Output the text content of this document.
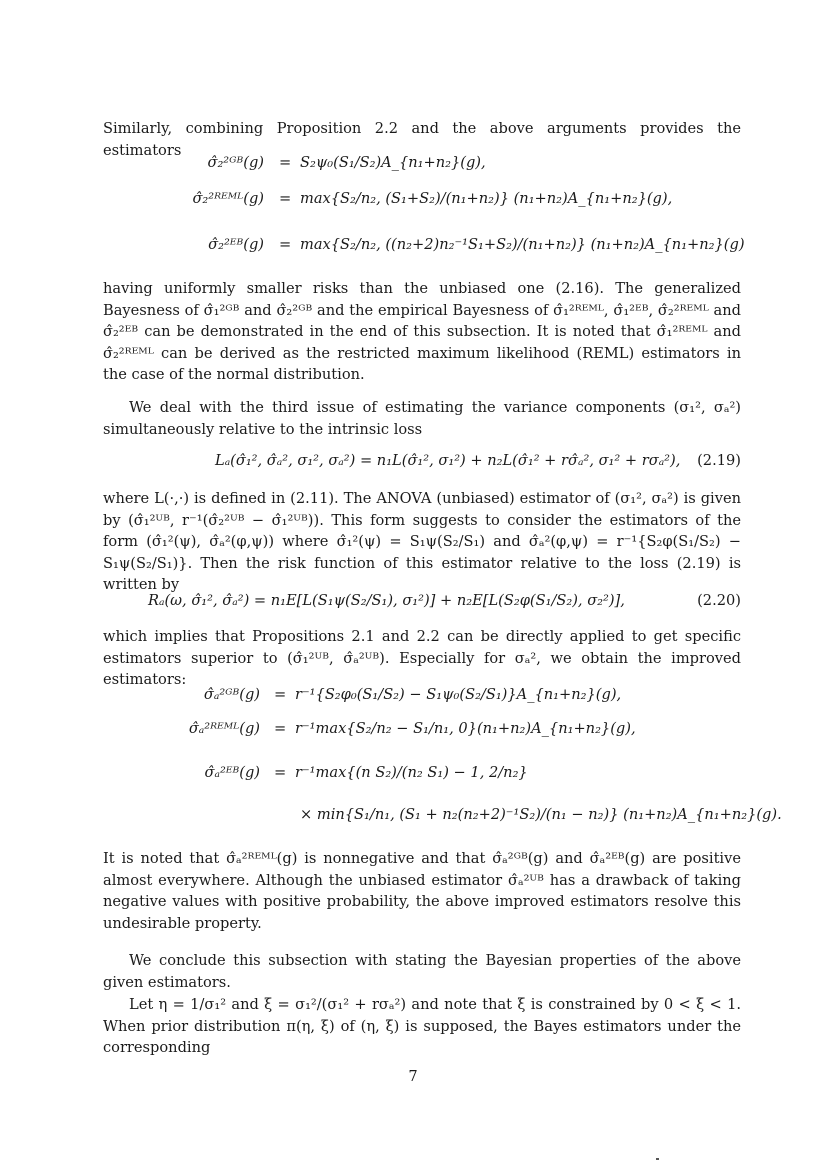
Similarly, combining Proposition 2.2 and the above arguments provides the estimators
σ̂₂²ᴳᴮ(g) = S₂ψ₀(S₁/S₂)A_{n₁+n₂}(g),
σ̂₂²ᴿᴱᴹᴸ(g) = max{S₂/n₂, (S₁+S₂)/(n₁+n₂)} (n₁+n₂)A_{n₁+n₂}(g),
σ̂₂²ᴱᴮ(g) = max{S₂/n₂, ((n₂+2)n₂⁻¹S₁+S₂)/(n₁+n₂)} (n₁+n₂)A_{n₁+n₂}(g)
having uniformly smaller risks than the unbiased one (2.16). The generalized Bayesness of σ̂₁²ᴳᴮ and σ̂₂²ᴳᴮ and the empirical Bayesness of σ̂₁²ᴿᴱᴹᴸ, σ̂₁²ᴱᴮ, σ̂₂²ᴿᴱᴹᴸ and σ̂₂²ᴱᴮ can be demonstrated in the end of this subsection. It is noted that σ̂₁²ᴿᴱᴹᴸ and σ̂₂²ᴿᴱᴹᴸ can be derived as the restricted maximum likelihood (REML) estimators in the case of the normal distribution.
We deal with the third issue of estimating the variance components (σ₁², σₐ²) simultaneously relative to the intrinsic loss
Lₐ(σ̂₁², σ̂ₐ², σ₁², σₐ²) = n₁L(σ̂₁², σ₁²) + n₂L(σ̂₁² + rσ̂ₐ², σ₁² + rσₐ²), (2.19)
where L(·,·) is defined in (2.11). The ANOVA (unbiased) estimator of (σ₁², σₐ²) is given by (σ̂₁²ᵁᴮ, r⁻¹(σ̂₂²ᵁᴮ − σ̂₁²ᵁᴮ)). This form suggests to consider the estimators of the form (σ̂₁²(ψ), σ̂ₐ²(φ,ψ)) where σ̂₁²(ψ) = S₁ψ(S₂/S₁) and σ̂ₐ²(φ,ψ) = r⁻¹{S₂φ(S₁/S₂) − S₁ψ(S₂/S₁)}. Then the risk function of this estimator relative to the loss (2.19) is written by
Rₐ(ω, σ̂₁², σ̂ₐ²) = n₁E[L(S₁ψ(S₂/S₁), σ₁²)] + n₂E[L(S₂φ(S₁/S₂), σ₂²)],	(2.20)
which implies that Propositions 2.1 and 2.2 can be directly applied to get specific estimators superior to (σ̂₁²ᵁᴮ, σ̂ₐ²ᵁᴮ). Especially for σₐ², we obtain the improved estimators:
σ̂ₐ²ᴳᴮ(g) = r⁻¹{S₂φ₀(S₁/S₂) − S₁ψ₀(S₂/S₁)}A_{n₁+n₂}(g),
σ̂ₐ²ᴿᴱᴹᴸ(g) = r⁻¹max{S₂/n₂ − S₁/n₁, 0}(n₁+n₂)A_{n₁+n₂}(g),
σ̂ₐ²ᴱᴮ(g) = r⁻¹max{(n S₂)/(n₂ S₁) − 1, 2/n₂}
× min{S₁/n₁, (S₁ + n₂(n₂+2)⁻¹S₂)/(n₁ − n₂)} (n₁+n₂)A_{n₁+n₂}(g).
It is noted that σ̂ₐ²ᴿᴱᴹᴸ(g) is nonnegative and that σ̂ₐ²ᴳᴮ(g) and σ̂ₐ²ᴱᴮ(g) are positive almost everywhere. Although the unbiased estimator σ̂ₐ²ᵁᴮ has a drawback of taking negative values with positive probability, the above improved estimators resolve this undesirable property.
We conclude this subsection with stating the Bayesian properties of the above given estimators.
Let η = 1/σ₁² and ξ = σ₁²/(σ₁² + rσₐ²) and note that ξ is constrained by 0 < ξ < 1. When prior distribution π(η, ξ) of (η, ξ) is supposed, the Bayes estimators under the corresponding
7
